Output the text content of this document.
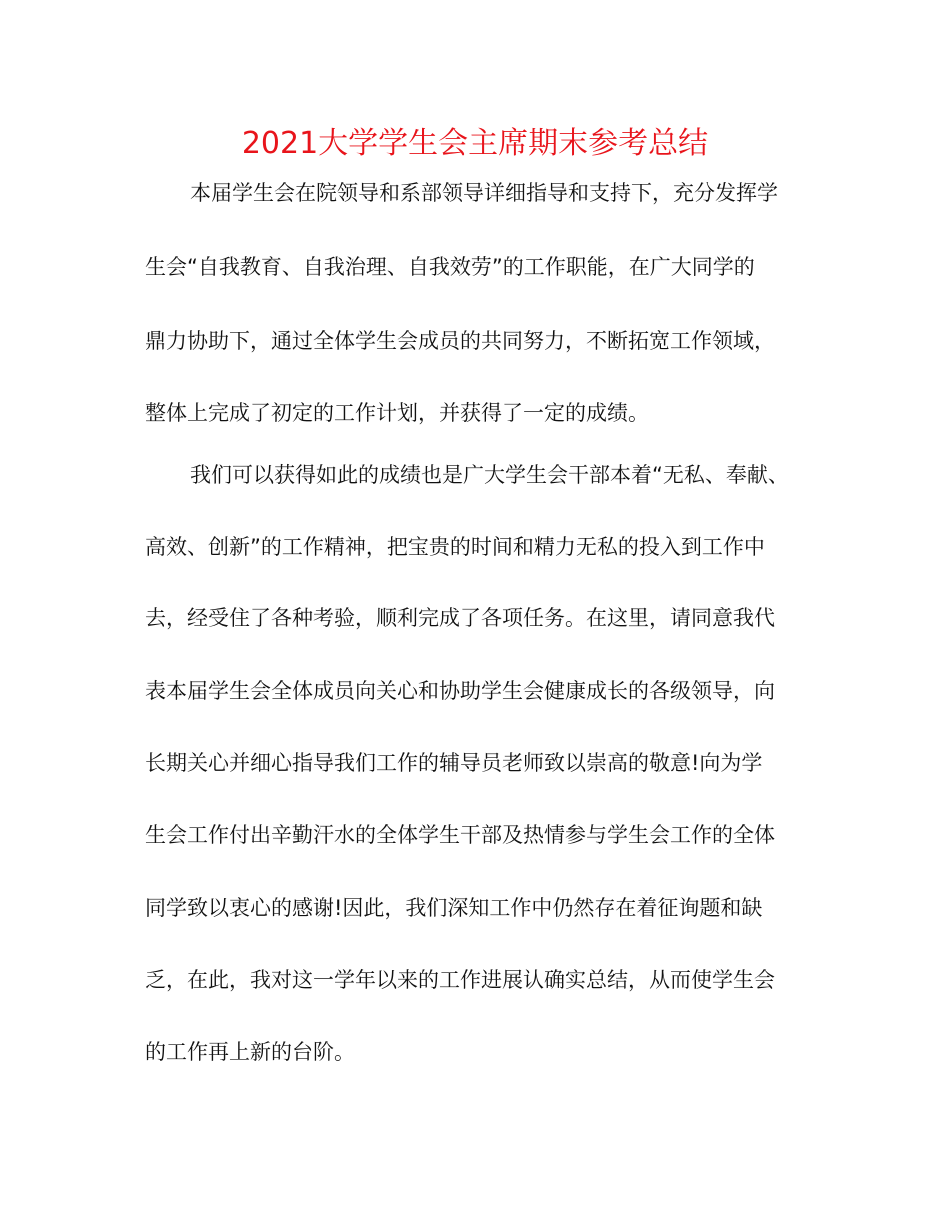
2021大学学生会主席期末参考总结
本届学生会在院领导和系部领导详细指导和支持下，充分发挥学
生会“自我教育、自我治理、自我效劳”的工作职能，在广大同学的
鼎力协助下，通过全体学生会成员的共同努力，不断拓宽工作领域，
整体上完成了初定的工作计划，并获得了一定的成绩。
我们可以获得如此的成绩也是广大学生会干部本着“无私、奉献、
高效、创新”的工作精神，把宝贵的时间和精力无私的投入到工作中
去，经受住了各种考验，顺利完成了各项任务。在这里，请同意我代
表本届学生会全体成员向关心和协助学生会健康成长的各级领导，向
长期关心并细心指导我们工作的辅导员老师致以崇高的敬意!向为学
生会工作付出辛勤汗水的全体学生干部及热情参与学生会工作的全体
同学致以衷心的感谢!因此，我们深知工作中仍然存在着征询题和缺
乏，在此，我对这一学年以来的工作进展认确实总结，从而使学生会
的工作再上新的台阶。
